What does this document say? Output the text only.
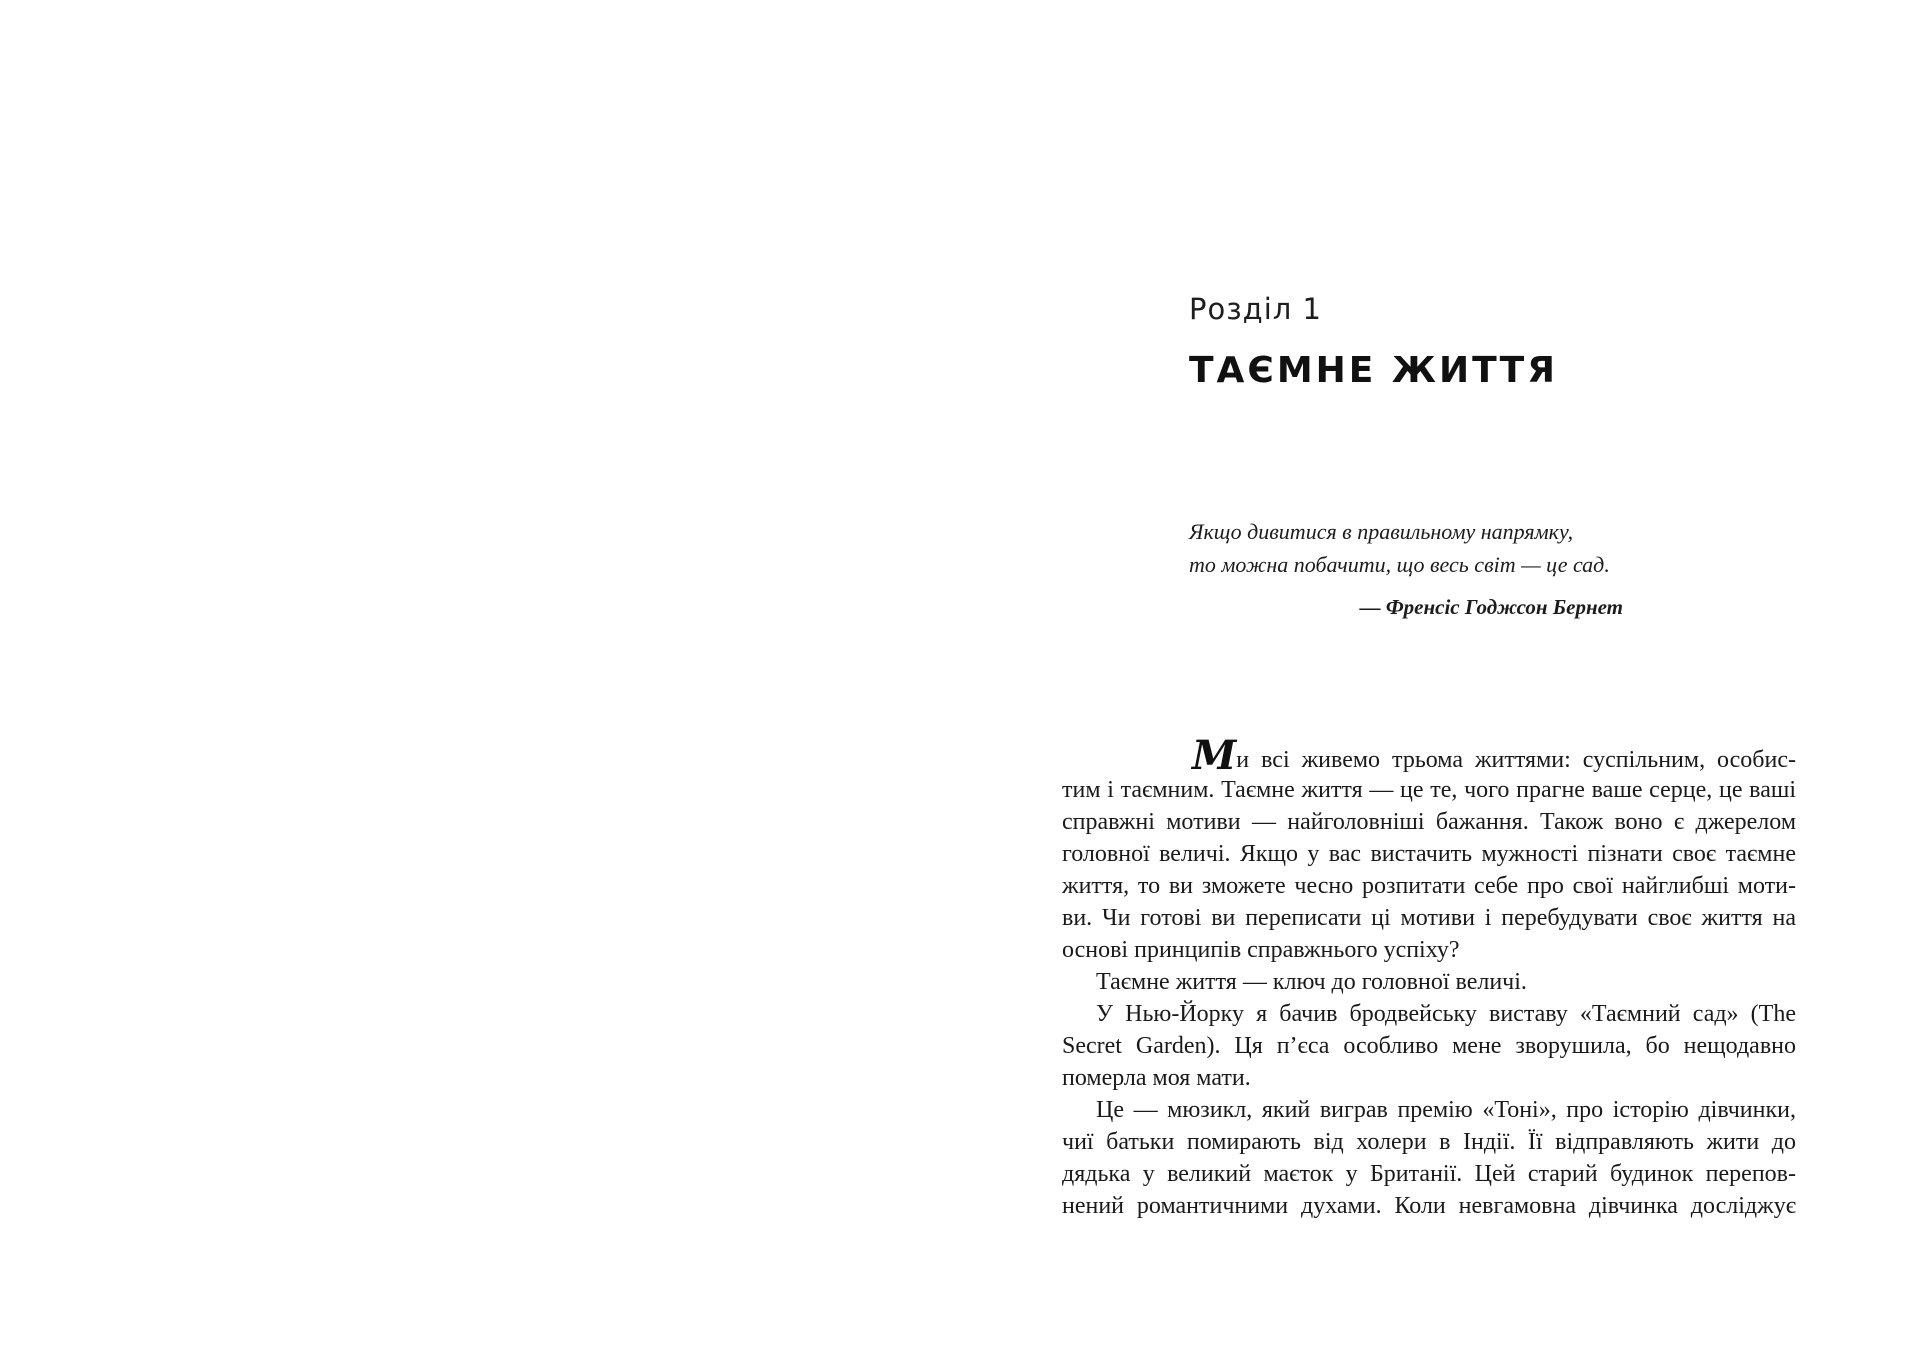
Розділ 1
ТАЄМНЕ ЖИТТЯ
Якщо дивитися в правильному напрямку,
то можна побачити, що весь світ — це сад.
— Френсіс Годжсон Бернет
Ми всі живемо трьома життями: суспільним, особис-
тим і таємним. Таємне життя — це те, чого прагне ваше серце, це ваші
справжні мотиви — найголовніші бажання. Також воно є джерелом
головної величі. Якщо у вас вистачить мужності пізнати своє таємне
життя, то ви зможете чесно розпитати себе про свої найглибші моти-
ви. Чи готові ви переписати ці мотиви і перебудувати своє життя на
основі принципів справжнього успіху?
Таємне життя — ключ до головної величі.
У Нью-Йорку я бачив бродвейську виставу «Таємний сад» (The
Secret Garden). Ця п’єса особливо мене зворушила, бо нещодавно
померла моя мати.
Це — мюзикл, який виграв премію «Тоні», про історію дівчинки,
чиї батьки помирають від холери в Індії. Її відправляють жити до
дядька у великий маєток у Британії. Цей старий будинок перепов-
нений романтичними духами. Коли невгамовна дівчинка досліджує
